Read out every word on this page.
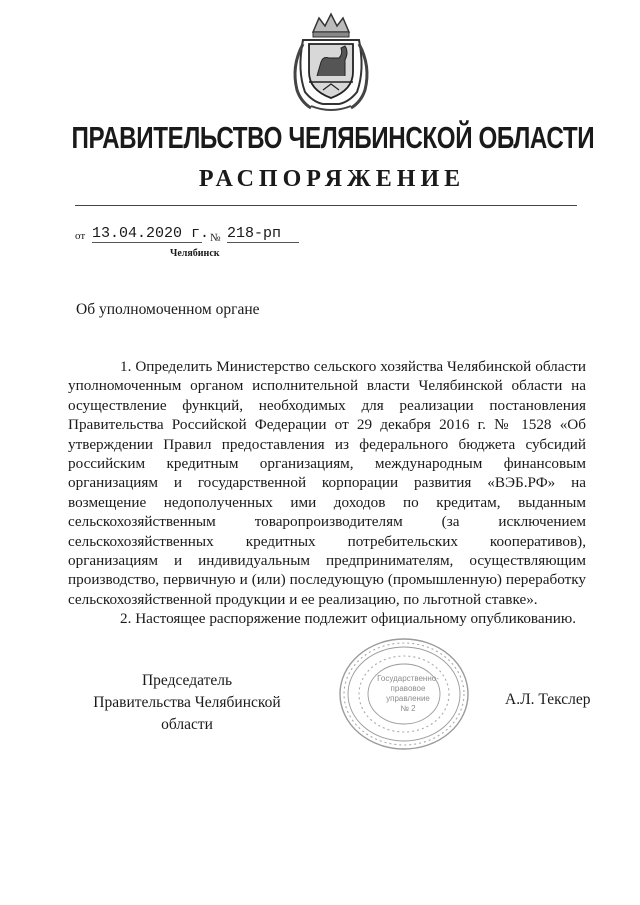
ПРАВИТЕЛЬСТВО ЧЕЛЯБИНСКОЙ ОБЛАСТИ
РАСПОРЯЖЕНИЕ
от 13.04.2020 г. № 218-рп
Челябинск
Об уполномоченном органе

1. Определить Министерство сельского хозяйства Челябинской области уполномоченным органом исполнительной власти Челябинской области на осуществление функций, необходимых для реализации постановления Правительства Российской Федерации от 29 декабря 2016 г. № 1528 «Об утверждении Правил предоставления из федерального бюджета субсидий российским кредитным организациям, международным финансовым организациям и государственной корпорации развития «ВЭБ.РФ» на возмещение недополученных ими доходов по кредитам, выданным сельскохозяйственным товаропроизводителям (за исключением сельскохозяйственных кредитных потребительских кооперативов), организациям и индивидуальным предпринимателям, осуществляющим производство, первичную и (или) последующую (промышленную) переработку сельскохозяйственной продукции и ее реализацию, по льготной ставке».

2. Настоящее распоряжение подлежит официальному опубликованию.

Председатель
Правительства Челябинской области
Государственно-
правовое
управление
№ 2
А.Л. Текслер
